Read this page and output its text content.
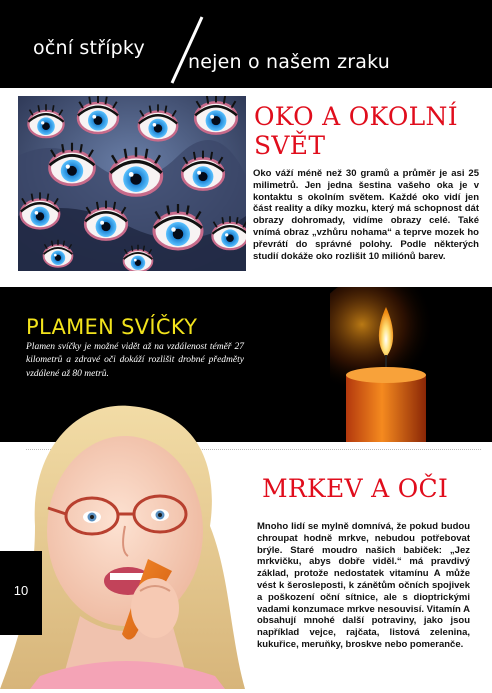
oční střípky
nejen o našem zraku
OKO A OKOLNÍ SVĚT
Oko váží méně než 30 gramů a průměr je asi 25 milimetrů. Jen jedna šestina vašeho oka je v kontaktu s okolním světem. Každé oko vidí jen část reality a díky mozku, který má schopnost dát obrazy dohromady, vidíme obrazy celé. Také vnímá obraz „vzhůru nohama“ a teprve mozek ho převrátí do správné polohy. Podle některých studií dokáže oko rozlišit 10 miliónů barev.
PLAMEN SVÍČKY
Plamen svíčky je možné vidět až na vzdálenost téměř 27 kilometrů a zdravé oči dokáží rozlišit drobné předměty vzdálené až 80 metrů.
MRKEV A OČI
Mnoho lidí se mylně domnívá, že pokud budou chroupat hodně mrkve, nebudou potřebovat brýle. Staré moudro našich babiček: „Jez mrkvičku, abys dobře viděl.“ má pravdivý základ, protože nedostatek vitamínu A může vést k šerosleposti, k zánětům očních spojivek a poškození oční sítnice, ale s dioptrickými vadami konzumace mrkve nesouvisí. Vitamín A obsahují mnohé další potraviny, jako jsou například vejce, rajčata, listová zelenina, kukuřice, meruňky, broskve nebo pomeranče.
10
